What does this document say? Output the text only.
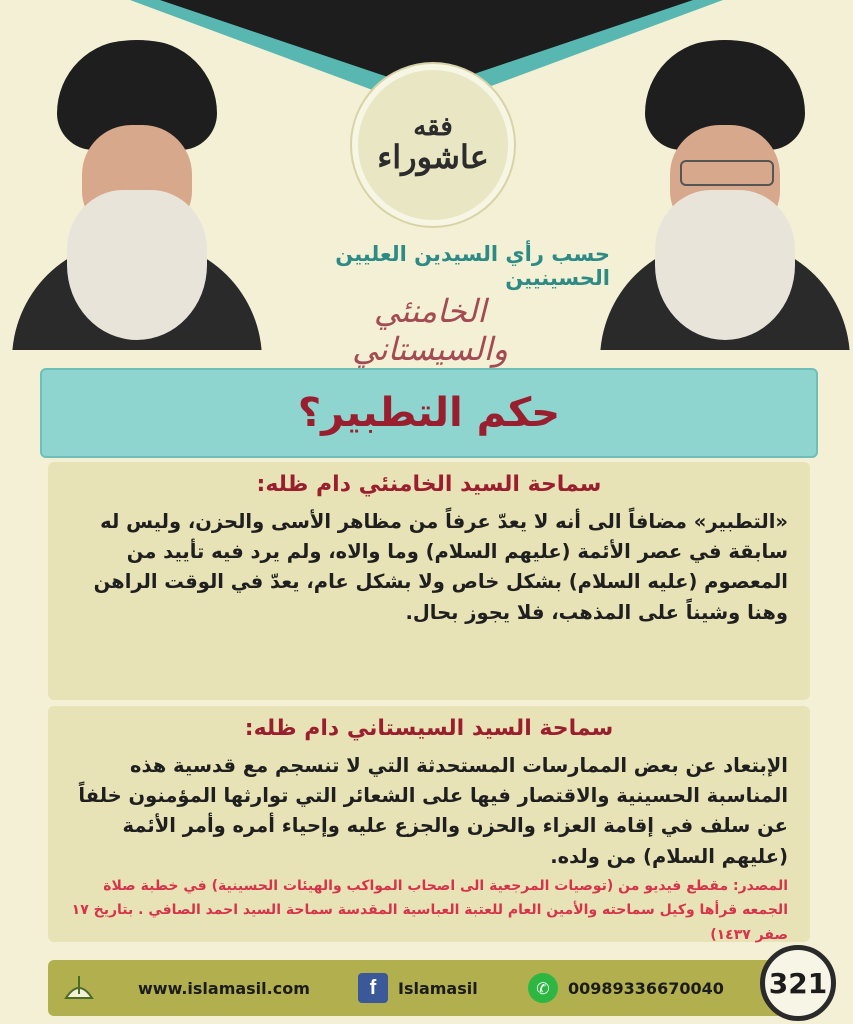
فقه
عاشوراء
حسب رأي السيدين العليين الحسينيين
الخامنئي والسيستاني
حكم التطبير؟
سماحة السيد الخامنئي دام ظله:
«التطبير» مضافاً الى أنه لا يعدّ عرفاً من مظاهر الأسى والحزن، وليس له سابقة في عصر الأئمة (عليهم السلام) وما والاه، ولم يرد فيه تأييد من المعصوم (عليه السلام) بشكل خاص ولا بشكل عام، يعدّ في الوقت الراهن وهنا وشيناً على المذهب، فلا يجوز بحال.
سماحة السيد السيستاني دام ظله:
الإبتعاد عن بعض الممارسات المستحدثة التي لا تنسجم مع قدسية هذه المناسبة الحسينية والاقتصار فيها على الشعائر التي توارثها المؤمنون خلفاً عن سلف في إقامة العزاء والحزن والجزع عليه وإحياء أمره وأمر الأئمة (عليهم السلام) من ولده.
المصدر: مقطع فيديو من (توصيات المرجعية الى اصحاب المواكب والهيئات الحسينية) في خطبة صلاة الجمعه قرأها وكيل سماحته والأمين العام للعتبة العباسية المقدسة سماحة السيد احمد الصافي . بتاريخ ١٧ صفر ١٤٣٧)
www.islamasil.com	f	Islamasil	✆	00989336670040 321
